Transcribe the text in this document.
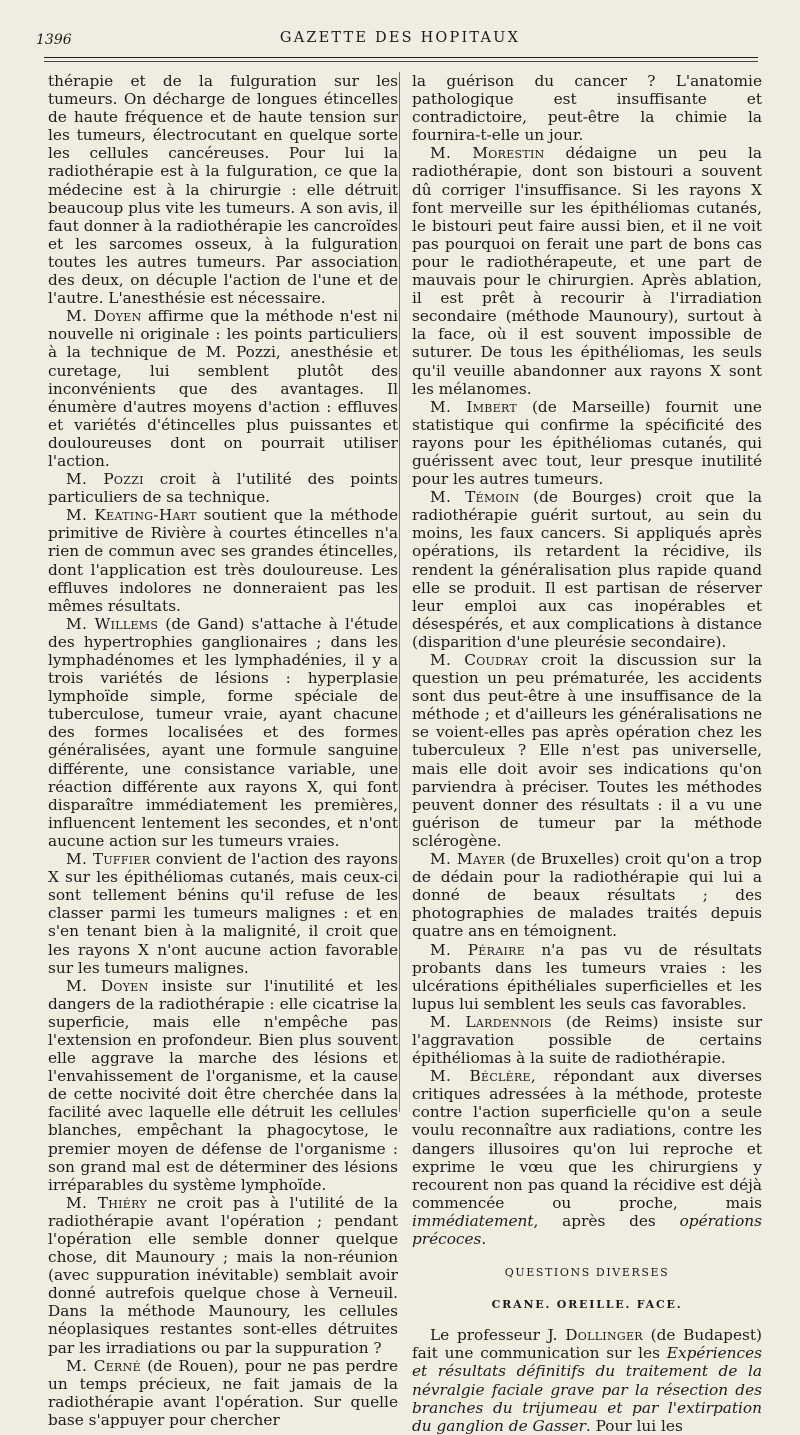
1396	GAZETTE DES HOPITAUX

thérapie et de la fulguration sur les tumeurs. On décharge de longues étincelles de haute fréquence et de haute tension sur les tumeurs, électrocutant en quelque sorte les cellules cancéreuses. Pour lui la radiothérapie est à la fulguration, ce que la médecine est à la chirurgie : elle détruit beaucoup plus vite les tumeurs. A son avis, il faut donner à la radiothérapie les cancroïdes et les sarcomes osseux, à la fulguration toutes les autres tumeurs. Par association des deux, on décuple l'action de l'une et de l'autre. L'anesthésie est nécessaire.

M. Doyen affirme que la méthode n'est ni nouvelle ni originale : les points particuliers à la technique de M. Pozzi, anesthésie et curetage, lui semblent plutôt des inconvénients que des avantages. Il énumère d'autres moyens d'action : effluves et variétés d'étincelles plus puissantes et douloureuses dont on pourrait utiliser l'action.

M. Pozzi croit à l'utilité des points particuliers de sa technique.

M. Keating-Hart soutient que la méthode primitive de Rivière à courtes étincelles n'a rien de commun avec ses grandes étincelles, dont l'application est très douloureuse. Les effluves indolores ne donneraient pas les mêmes résultats.

M. Willems (de Gand) s'attache à l'étude des hypertrophies ganglionaires ; dans les lymphadénomes et les lymphadénies, il y a trois variétés de lésions : hyperplasie lymphoïde simple, forme spéciale de tuberculose, tumeur vraie, ayant chacune des formes localisées et des formes généralisées, ayant une formule sanguine différente, une consistance variable, une réaction différente aux rayons X, qui font disparaître immédiatement les premières, influencent lentement les secondes, et n'ont aucune action sur les tumeurs vraies.

M. Tuffier convient de l'action des rayons X sur les épithéliomas cutanés, mais ceux-ci sont tellement bénins qu'il refuse de les classer parmi les tumeurs malignes : et en s'en tenant bien à la malignité, il croit que les rayons X n'ont aucune action favorable sur les tumeurs malignes.

M. Doyen insiste sur l'inutilité et les dangers de la radiothérapie : elle cicatrise la superficie, mais elle n'empêche pas l'extension en profondeur. Bien plus souvent elle aggrave la marche des lésions et l'envahissement de l'organisme, et la cause de cette nocivité doit être cherchée dans la facilité avec laquelle elle détruit les cellules blanches, empêchant la phagocytose, le premier moyen de défense de l'organisme : son grand mal est de déterminer des lésions irréparables du système lymphoïde.

M. Thiéry ne croit pas à l'utilité de la radiothérapie avant l'opération ; pendant l'opération elle semble donner quelque chose, dit Maunoury ; mais la non-réunion (avec suppuration inévitable) semblait avoir donné autrefois quelque chose à Verneuil. Dans la méthode Maunoury, les cellules néoplasiques restantes sont-elles détruites par les irradiations ou par la suppuration ?

M. Cerné (de Rouen), pour ne pas perdre un temps précieux, ne fait jamais de la radiothérapie avant l'opération. Sur quelle base s'appuyer pour chercher

la guérison du cancer ? L'anatomie pathologique est insuffisante et contradictoire, peut-être la chimie la fournira-t-elle un jour.

M. Morestin dédaigne un peu la radiothérapie, dont son bistouri a souvent dû corriger l'insuffisance. Si les rayons X font merveille sur les épithéliomas cutanés, le bistouri peut faire aussi bien, et il ne voit pas pourquoi on ferait une part de bons cas pour le radiothérapeute, et une part de mauvais pour le chirurgien. Après ablation, il est prêt à recourir à l'irradiation secondaire (méthode Maunoury), surtout à la face, où il est souvent impossible de suturer. De tous les épithéliomas, les seuls qu'il veuille abandonner aux rayons X sont les mélanomes.

M. Imbert (de Marseille) fournit une statistique qui confirme la spécificité des rayons pour les épithéliomas cutanés, qui guérissent avec tout, leur presque inutilité pour les autres tumeurs.

M. Témoin (de Bourges) croit que la radiothérapie guérit surtout, au sein du moins, les faux cancers. Si appliqués après opérations, ils retardent la récidive, ils rendent la généralisation plus rapide quand elle se produit. Il est partisan de réserver leur emploi aux cas inopérables et désespérés, et aux complications à distance (disparition d'une pleurésie secondaire).

M. Coudray croit la discussion sur la question un peu prématurée, les accidents sont dus peut-être à une insuffisance de la méthode ; et d'ailleurs les généralisations ne se voient-elles pas après opération chez les tuberculeux ? Elle n'est pas universelle, mais elle doit avoir ses indications qu'on parviendra à préciser. Toutes les méthodes peuvent donner des résultats : il a vu une guérison de tumeur par la méthode sclérogène.

M. Mayer (de Bruxelles) croit qu'on a trop de dédain pour la radiothérapie qui lui a donné de beaux résultats ; des photographies de malades traités depuis quatre ans en témoignent.

M. Péraire n'a pas vu de résultats probants dans les tumeurs vraies : les ulcérations épithéliales superficielles et les lupus lui semblent les seuls cas favorables.

M. Lardennois (de Reims) insiste sur l'aggravation possible de certains épithéliomas à la suite de radiothérapie.

M. Béclère, répondant aux diverses critiques adressées à la méthode, proteste contre l'action superficielle qu'on a seule voulu reconnaître aux radiations, contre les dangers illusoires qu'on lui reproche et exprime le vœu que les chirurgiens y recourent non pas quand la récidive est déjà commencée ou proche, mais immédiatement, après des opérations précoces.

QUESTIONS DIVERSES
CRANE. OREILLE. FACE.

Le professeur J. Dollinger (de Budapest) fait une communication sur les Expériences et résultats définitifs du traitement de la névralgie faciale grave par la résection des branches du trijumeau et par l'extirpation du ganglion de Gasser. Pour lui les
